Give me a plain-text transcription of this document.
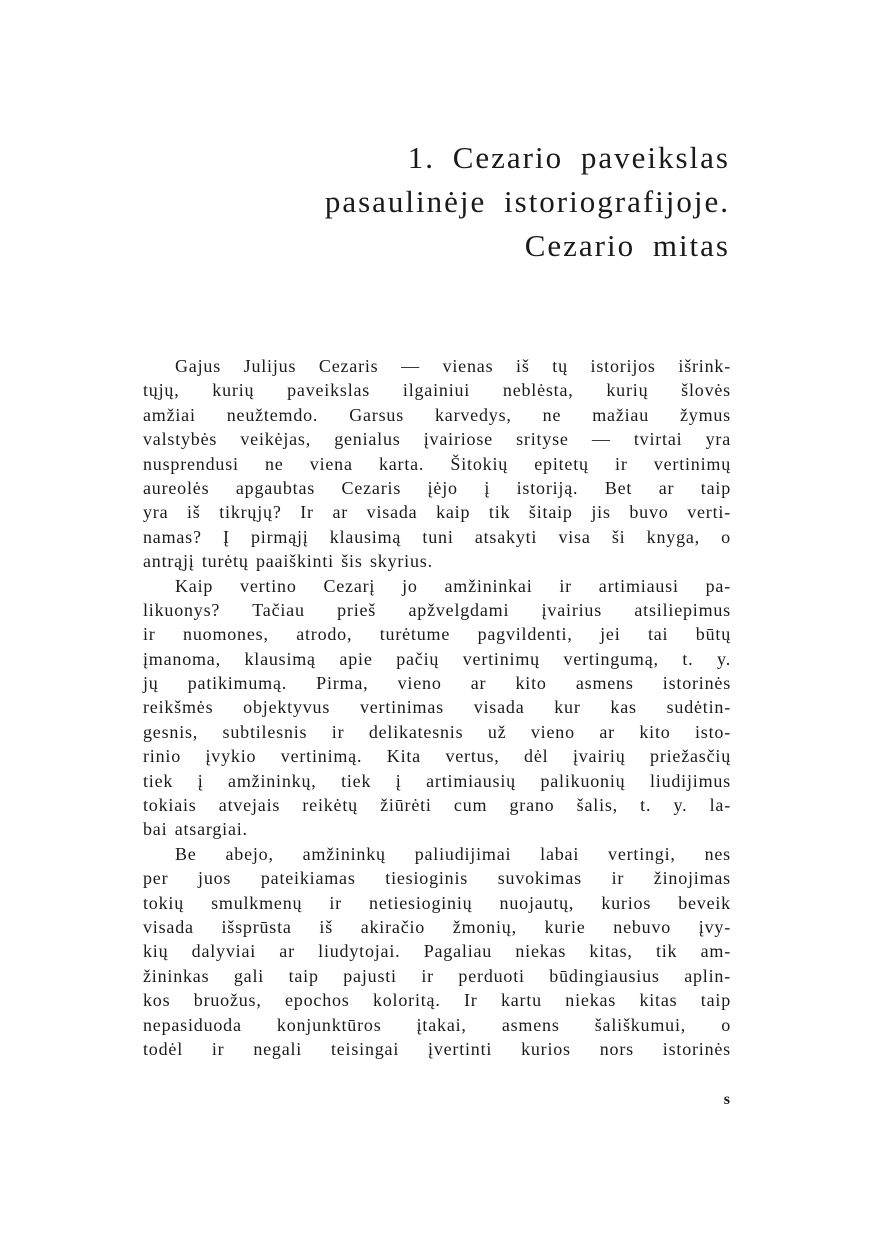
1. Cezario paveikslas
pasaulinėje istoriografijoje.
Cezario mitas
Gajus Julijus Cezaris — vienas iš tų istorijos išrink-
tųjų, kurių paveikslas ilgainiui neblėsta, kurių šlovės
amžiai neužtemdo. Garsus karvedys, ne mažiau žymus
valstybės veikėjas, genialus įvairiose srityse — tvirtai yra
nusprendusi ne viena karta. Šitokių epitetų ir vertinimų
aureolės apgaubtas Cezaris įėjo į istoriją. Bet ar taip
yra iš tikrųjų? Ir ar visada kaip tik šitaip jis buvo verti-
namas? Į pirmąjį klausimą tuni atsakyti visa ši knyga, o
antrąjį turėtų paaiškinti šis skyrius.
Kaip vertino Cezarį jo amžininkai ir artimiausi pa-
likuonys? Tačiau prieš apžvelgdami įvairius atsiliepimus
ir nuomones, atrodo, turėtume pagvildenti, jei tai būtų
įmanoma, klausimą apie pačių vertinimų vertingumą, t. y.
jų patikimumą. Pirma, vieno ar kito asmens istorinės
reikšmės objektyvus vertinimas visada kur kas sudėtin-
gesnis, subtilesnis ir delikatesnis už vieno ar kito isto-
rinio įvykio vertinimą. Kita vertus, dėl įvairių priežasčių
tiek į amžininkų, tiek į artimiausių palikuonių liudijimus
tokiais atvejais reikėtų žiūrėti cum grano šalis, t. y. la-
bai atsargiai.
Be abejo, amžininkų paliudijimai labai vertingi, nes
per juos pateikiamas tiesioginis suvokimas ir žinojimas
tokių smulkmenų ir netiesioginių nuojautų, kurios beveik
visada išsprūsta iš akiračio žmonių, kurie nebuvo įvy-
kių dalyviai ar liudytojai. Pagaliau niekas kitas, tik am-
žininkas gali taip pajusti ir perduoti būdingiausius aplin-
kos bruožus, epochos koloritą. Ir kartu niekas kitas taip
nepasiduoda konjunktūros įtakai, asmens šališkumui, o
todėl ir negali teisingai įvertinti kurios nors istorinės
s
